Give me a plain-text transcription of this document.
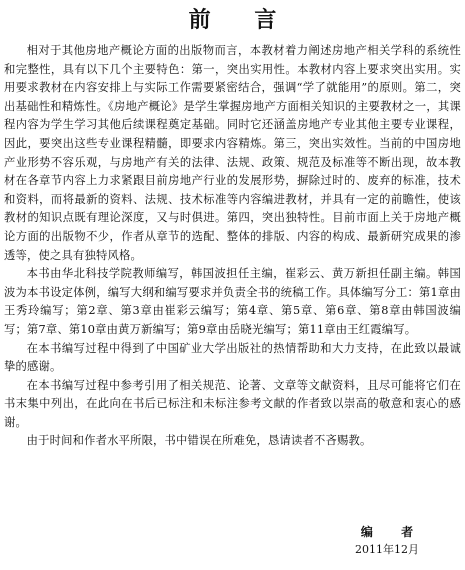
前 言

相对于其他房地产概论方面的出版物而言，本教材着力阐述房地产相关学科的系统性和完整性，具有以下几个主要特色：第一，突出实用性。本教材内容上要求突出实用。实用要求教材在内容安排上与实际工作需要紧密结合，强调“学了就能用”的原则。第二，突出基础性和精炼性。《房地产概论》是学生掌握房地产方面相关知识的主要教材之一，其课程内容为学生学习其他后续课程奠定基础。同时它还涵盖房地产专业其他主要专业课程，因此，要突出这些专业课程精髓，即要求内容精炼。第三，突出实效性。当前的中国房地产业形势不容乐观，与房地产有关的法律、法规、政策、规范及标准等不断出现，故本教材在各章节内容上力求紧跟目前房地产行业的发展形势，摒除过时的、废弃的标准，技术和资料，而将最新的资料、法规、技术标准等内容编进教材，并具有一定的前瞻性，使该教材的知识点既有理论深度，又与时俱进。第四，突出独特性。目前市面上关于房地产概论方面的出版物不少，作者从章节的选配、整体的排版、内容的构成、最新研究成果的渗透等，使之具有独特风格。

本书由华北科技学院教师编写，韩国波担任主编，崔彩云、黄万新担任副主编。韩国波为本书设定体例，编写大纲和编写要求并负责全书的统稿工作。具体编写分工：第1章由王秀玲编写；第2章、第3章由崔彩云编写；第4章、第5章、第6章、第8章由韩国波编写；第7章、第10章由黄万新编写；第9章由岳晓光编写；第11章由王红霞编写。

在本书编写过程中得到了中国矿业大学出版社的热情帮助和大力支持，在此致以最诚挚的感谢。

在本书编写过程中参考引用了相关规范、论著、文章等文献资料，且尽可能将它们在书末集中列出，在此向在书后已标注和未标注参考文献的作者致以崇高的敬意和衷心的感谢。

由于时间和作者水平所限，书中错误在所难免，恳请读者不吝赐教。

编 者
2011年12月
